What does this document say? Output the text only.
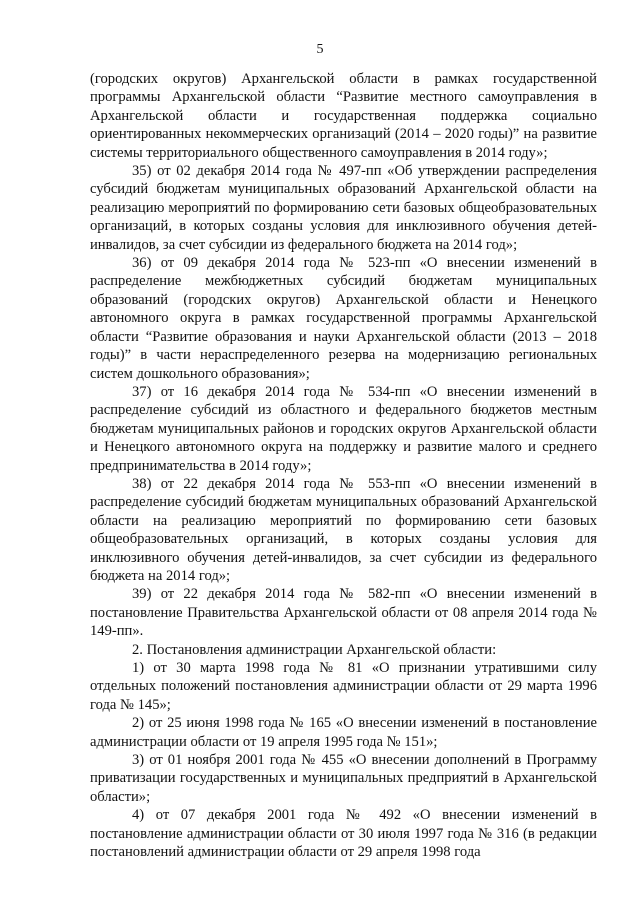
5

(городских округов) Архангельской области в рамках государственной программы Архангельской области “Развитие местного самоуправления в Архангельской области и государственная поддержка социально ориентированных некоммерческих организаций (2014 – 2020 годы)” на развитие системы территориального общественного самоуправления в 2014 году»;

35) от 02 декабря 2014 года № 497-пп «Об утверждении распределения субсидий бюджетам муниципальных образований Архангельской области на реализацию мероприятий по формированию сети базовых общеобразовательных организаций, в которых созданы условия для инклюзивного обучения детей-инвалидов, за счет субсидии из федерального бюджета на 2014 год»;

36) от 09 декабря 2014 года № 523-пп «О внесении изменений в распределение межбюджетных субсидий бюджетам муниципальных образований (городских округов) Архангельской области и Ненецкого автономного округа в рамках государственной программы Архангельской области “Развитие образования и науки Архангельской области (2013 – 2018 годы)” в части нераспределенного резерва на модернизацию региональных систем дошкольного образования»;

37) от 16 декабря 2014 года № 534-пп «О внесении изменений в распределение субсидий из областного и федерального бюджетов местным бюджетам муниципальных районов и городских округов Архангельской области и Ненецкого автономного округа на поддержку и развитие малого и среднего предпринимательства в 2014 году»;

38) от 22 декабря 2014 года № 553-пп «О внесении изменений в распределение субсидий бюджетам муниципальных образований Архангельской области на реализацию мероприятий по формированию сети базовых общеобразовательных организаций, в которых созданы условия для инклюзивного обучения детей-инвалидов, за счет субсидии из федерального бюджета на 2014 год»;

39) от 22 декабря 2014 года № 582-пп «О внесении изменений в постановление Правительства Архангельской области от 08 апреля 2014 года № 149-пп».

2. Постановления администрации Архангельской области:

1) от 30 марта 1998 года № 81 «О признании утратившими силу отдельных положений постановления администрации области от 29 марта 1996 года № 145»;

2) от 25 июня 1998 года № 165 «О внесении изменений в постановление администрации области от 19 апреля 1995 года № 151»;

3) от 01 ноября 2001 года № 455 «О внесении дополнений в Программу приватизации государственных и муниципальных предприятий в Архангельской области»;

4) от 07 декабря 2001 года № 492 «О внесении изменений в постановление администрации области от 30 июля 1997 года № 316 (в редакции постановлений администрации области от 29 апреля 1998 года
